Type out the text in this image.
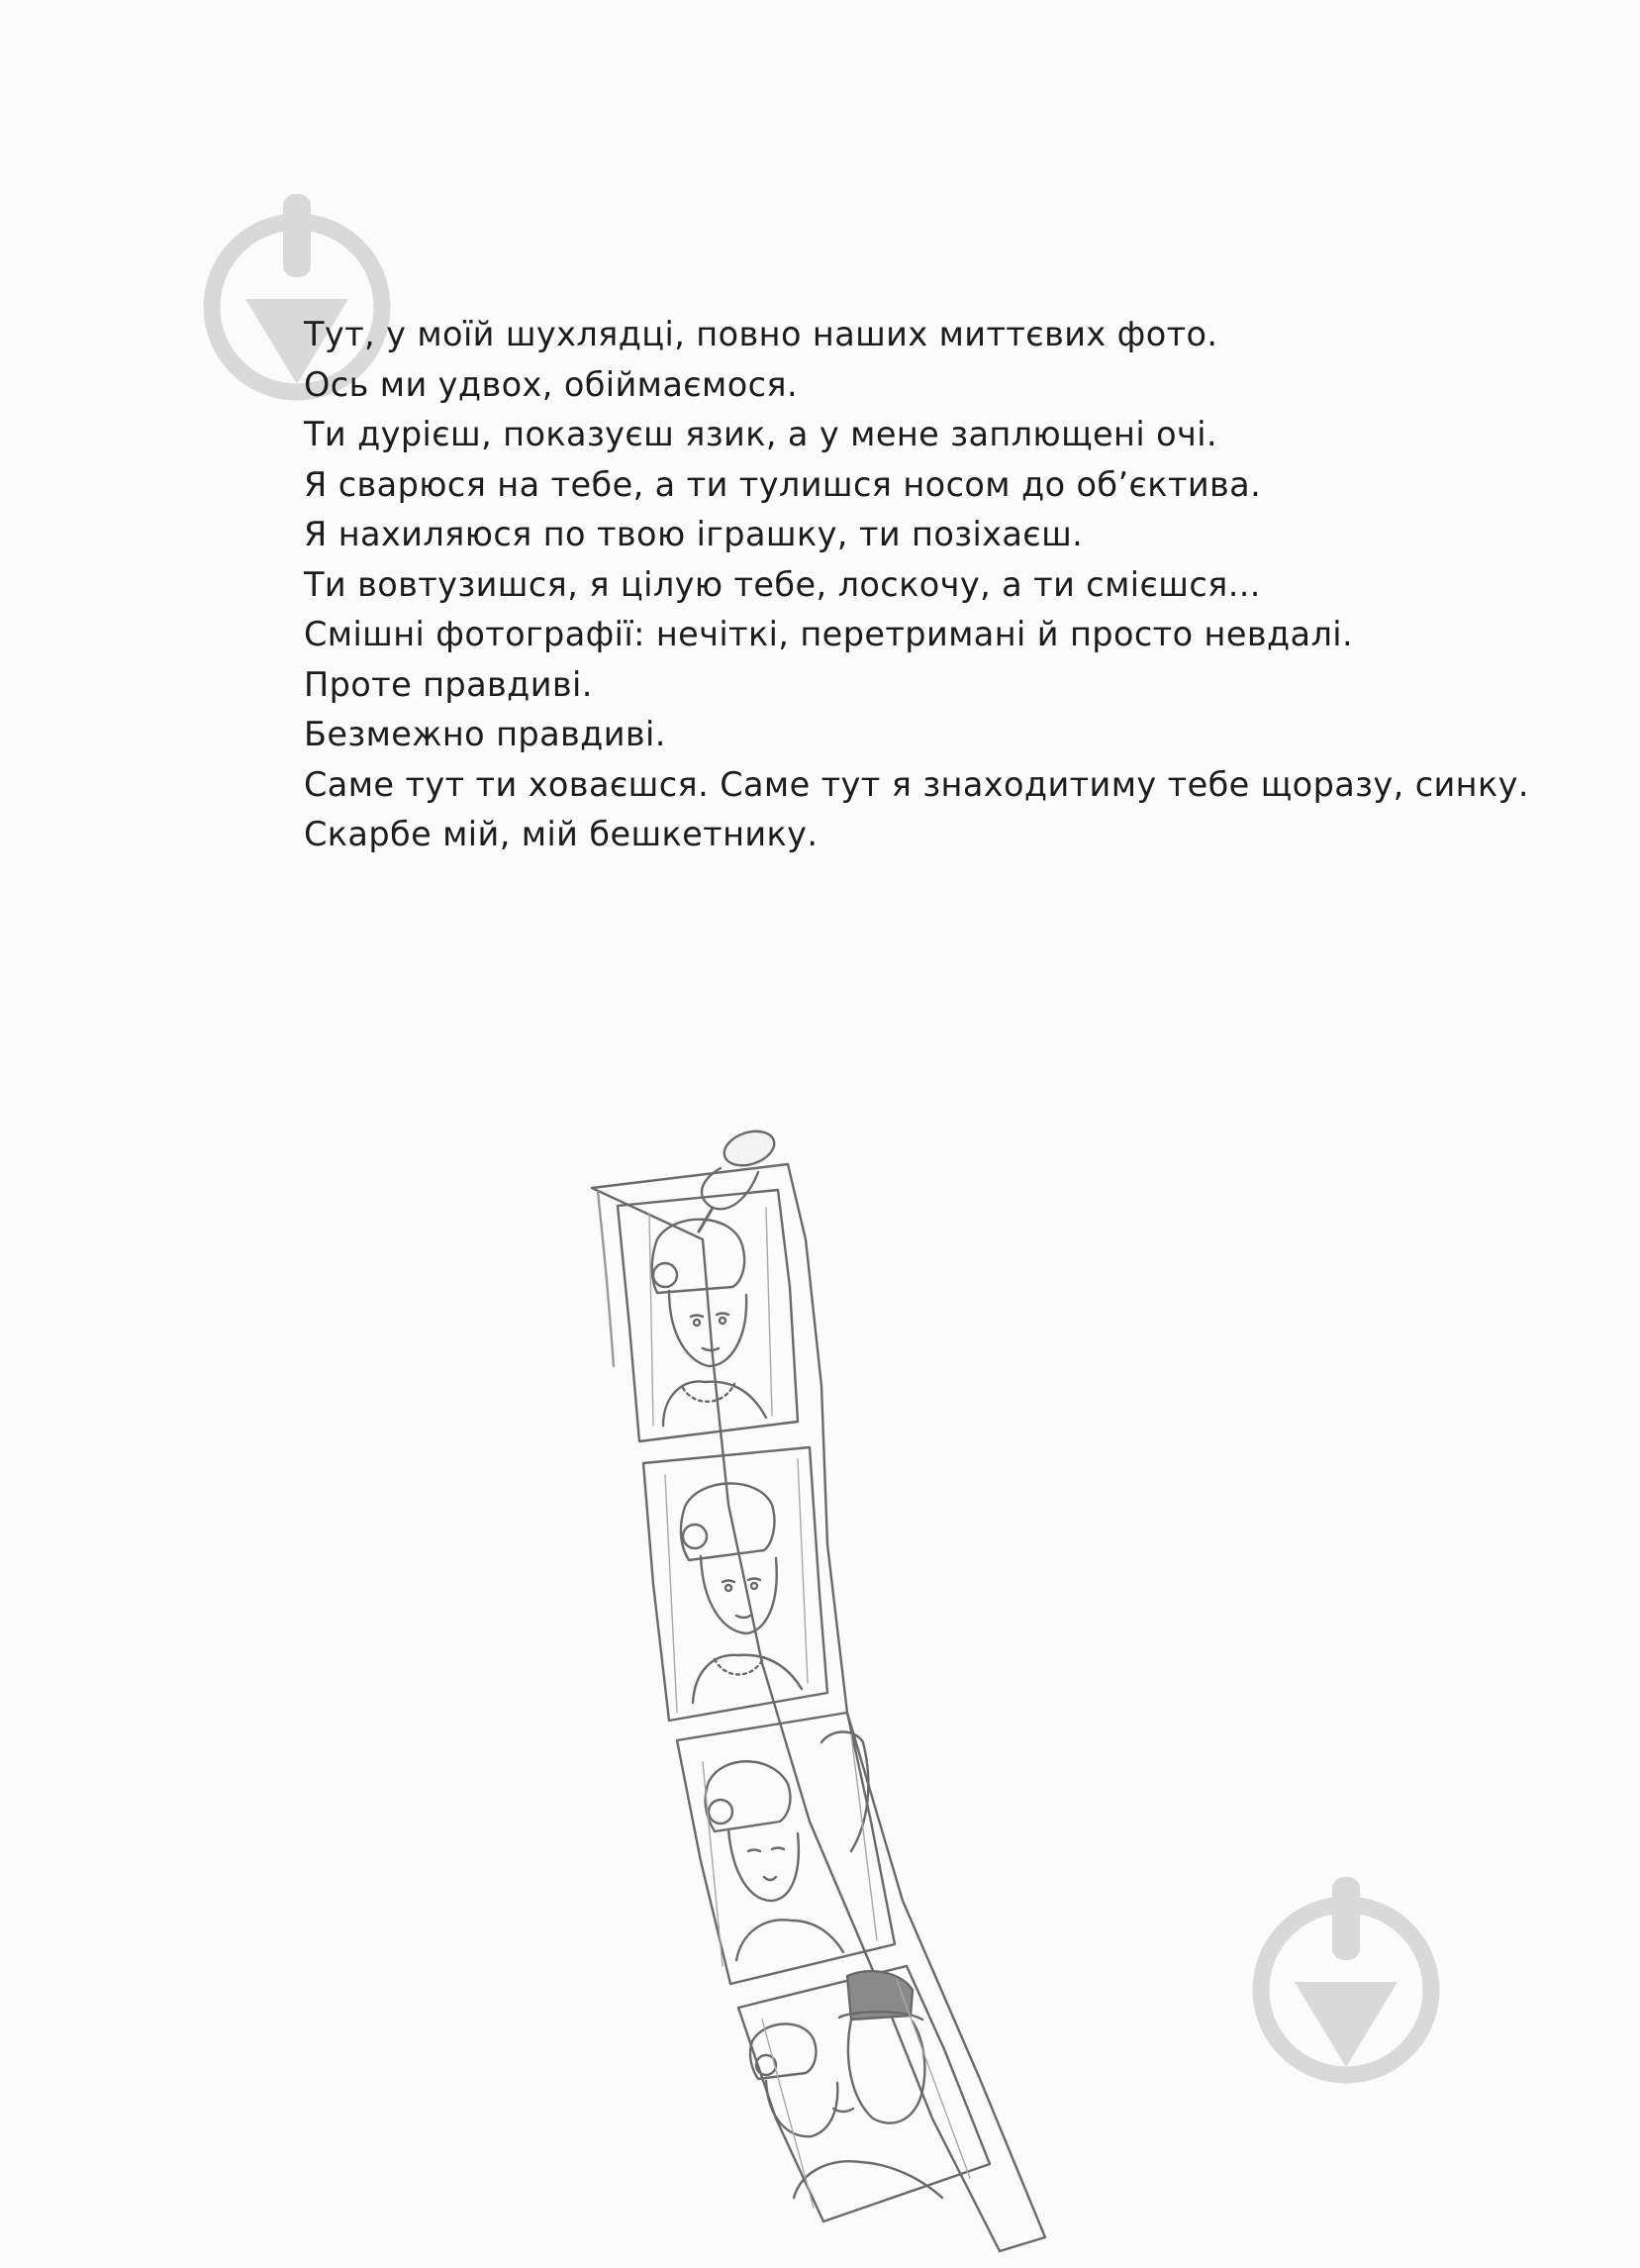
Тут, у моїй шухлядці, повно наших миттєвих фото.
Ось ми удвох, обіймаємося.
Ти дурієш, показуєш язик, а у мене заплющені очі.
Я сварюся на тебе, а ти тулишся носом до об’єктива.
Я нахиляюся по твою іграшку, ти позіхаєш.
Ти вовтузишся, я цілую тебе, лоскочу, а ти смієшся...
Смішні фотографії: нечіткі, перетримані й просто невдалі.
Проте правдиві.
Безмежно правдиві.
Саме тут ти ховаєшся. Саме тут я знаходитиму тебе щоразу, синку.
Скарбе мій, мій бешкетнику.
